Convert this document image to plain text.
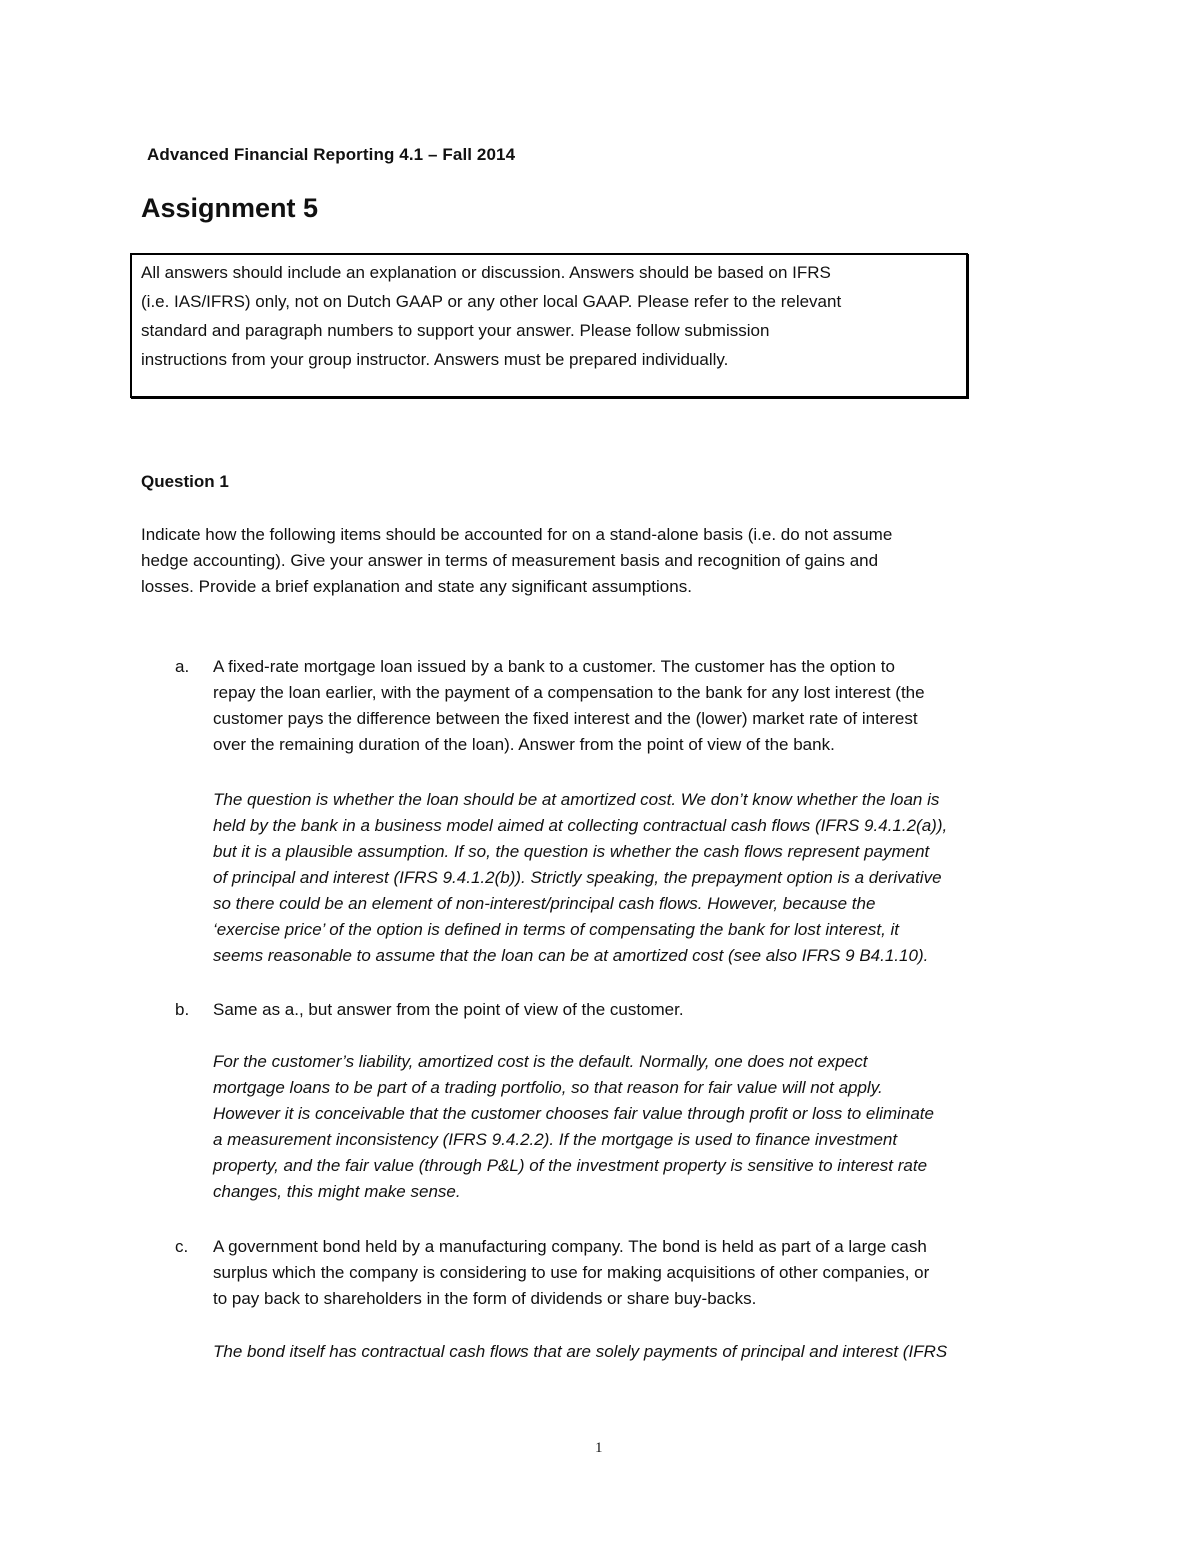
Advanced Financial Reporting 4.1 – Fall 2014
Assignment 5
All answers should include an explanation or discussion. Answers should be based on IFRS
(i.e. IAS/IFRS) only, not on Dutch GAAP or any other local GAAP. Please refer to the relevant
standard and paragraph numbers to support your answer. Please follow submission
instructions from your group instructor. Answers must be prepared individually.
Question 1
Indicate how the following items should be accounted for on a stand-alone basis (i.e. do not assume
hedge accounting). Give your answer in terms of measurement basis and recognition of gains and
losses. Provide a brief explanation and state any significant assumptions.
a. A fixed-rate mortgage loan issued by a bank to a customer. The customer has the option to
repay the loan earlier, with the payment of a compensation to the bank for any lost interest (the
customer pays the difference between the fixed interest and the (lower) market rate of interest
over the remaining duration of the loan). Answer from the point of view of the bank.
The question is whether the loan should be at amortized cost. We don’t know whether the loan is
held by the bank in a business model aimed at collecting contractual cash flows (IFRS 9.4.1.2(a)),
but it is a plausible assumption. If so, the question is whether the cash flows represent payment
of principal and interest (IFRS 9.4.1.2(b)). Strictly speaking, the prepayment option is a derivative
so there could be an element of non-interest/principal cash flows. However, because the
‘exercise price’ of the option is defined in terms of compensating the bank for lost interest, it
seems reasonable to assume that the loan can be at amortized cost (see also IFRS 9 B4.1.10).
b. Same as a., but answer from the point of view of the customer.
For the customer’s liability, amortized cost is the default. Normally, one does not expect
mortgage loans to be part of a trading portfolio, so that reason for fair value will not apply.
However it is conceivable that the customer chooses fair value through profit or loss to eliminate
a measurement inconsistency (IFRS 9.4.2.2). If the mortgage is used to finance investment
property, and the fair value (through P&L) of the investment property is sensitive to interest rate
changes, this might make sense.
c. A government bond held by a manufacturing company. The bond is held as part of a large cash
surplus which the company is considering to use for making acquisitions of other companies, or
to pay back to shareholders in the form of dividends or share buy-backs.
The bond itself has contractual cash flows that are solely payments of principal and interest (IFRS
1
